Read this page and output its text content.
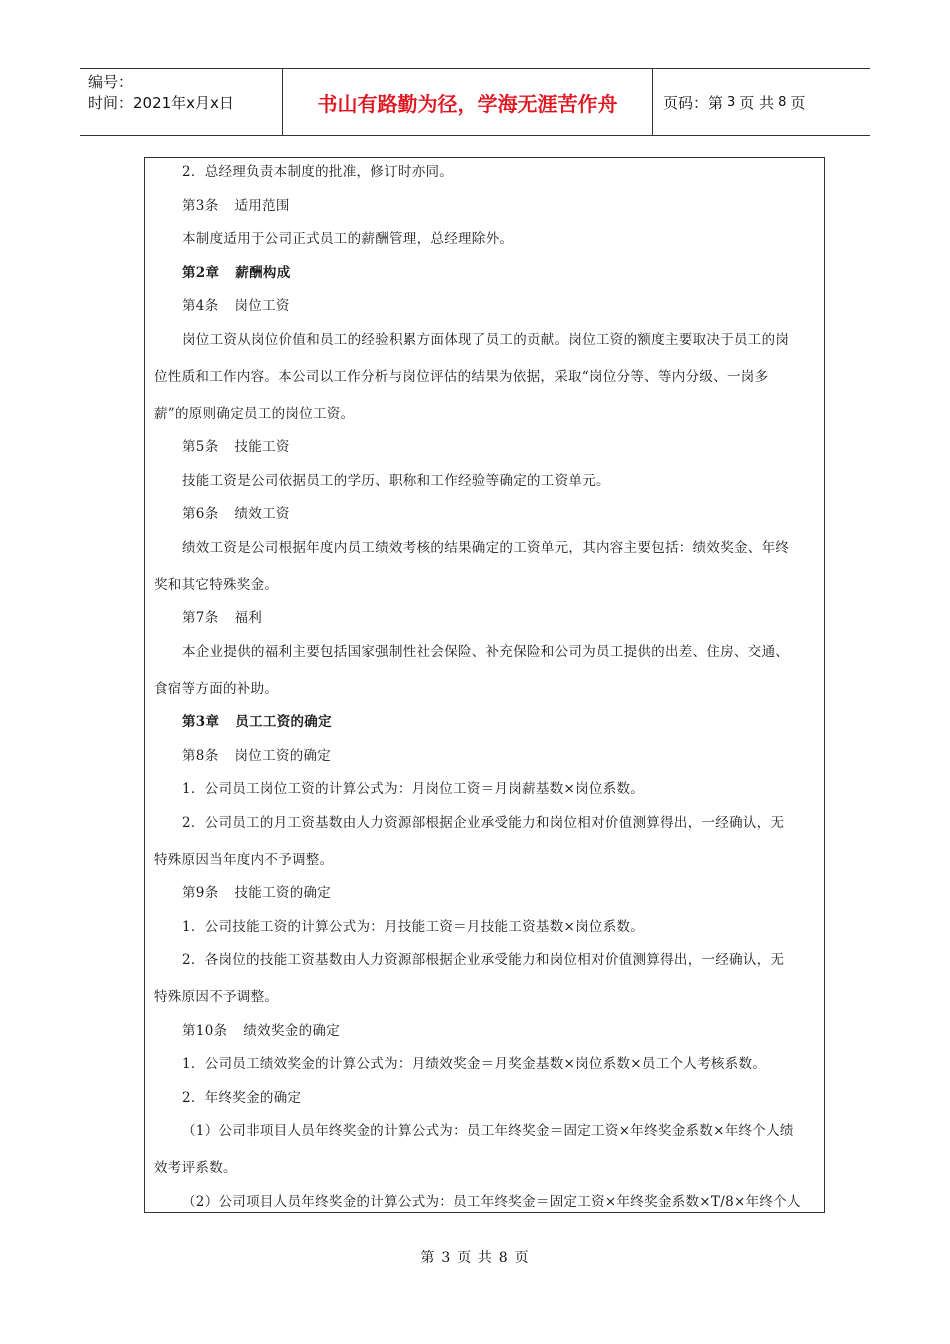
编号：
时间：2021年x月x日	书山有路勤为径，学海无涯苦作舟	页码：第 3 页 共 8 页
2．总经理负责本制度的批准，修订时亦同。
第3条 适用范围
本制度适用于公司正式员工的薪酬管理，总经理除外。
第2章 薪酬构成
第4条 岗位工资
岗位工资从岗位价值和员工的经验积累方面体现了员工的贡献。岗位工资的额度主要取决于员工的岗
位性质和工作内容。本公司以工作分析与岗位评估的结果为依据，采取“岗位分等、等内分级、一岗多
薪”的原则确定员工的岗位工资。
第5条 技能工资
技能工资是公司依据员工的学历、职称和工作经验等确定的工资单元。
第6条 绩效工资
绩效工资是公司根据年度内员工绩效考核的结果确定的工资单元，其内容主要包括：绩效奖金、年终
奖和其它特殊奖金。
第7条 福利
本企业提供的福利主要包括国家强制性社会保险、补充保险和公司为员工提供的出差、住房、交通、
食宿等方面的补助。
第3章 员工工资的确定
第8条 岗位工资的确定
1．公司员工岗位工资的计算公式为：月岗位工资＝月岗薪基数×岗位系数。
2．公司员工的月工资基数由人力资源部根据企业承受能力和岗位相对价值测算得出，一经确认，无
特殊原因当年度内不予调整。
第9条 技能工资的确定
1．公司技能工资的计算公式为：月技能工资＝月技能工资基数×岗位系数。
2．各岗位的技能工资基数由人力资源部根据企业承受能力和岗位相对价值测算得出，一经确认，无
特殊原因不予调整。
第10条 绩效奖金的确定
1．公司员工绩效奖金的计算公式为：月绩效奖金＝月奖金基数×岗位系数×员工个人考核系数。
2．年终奖金的确定
（1）公司非项目人员年终奖金的计算公式为：员工年终奖金＝固定工资×年终奖金系数×年终个人绩
效考评系数。
（2）公司项目人员年终奖金的计算公式为：员工年终奖金＝固定工资×年终奖金系数×T/8×年终个人
第 3 页 共 8 页
